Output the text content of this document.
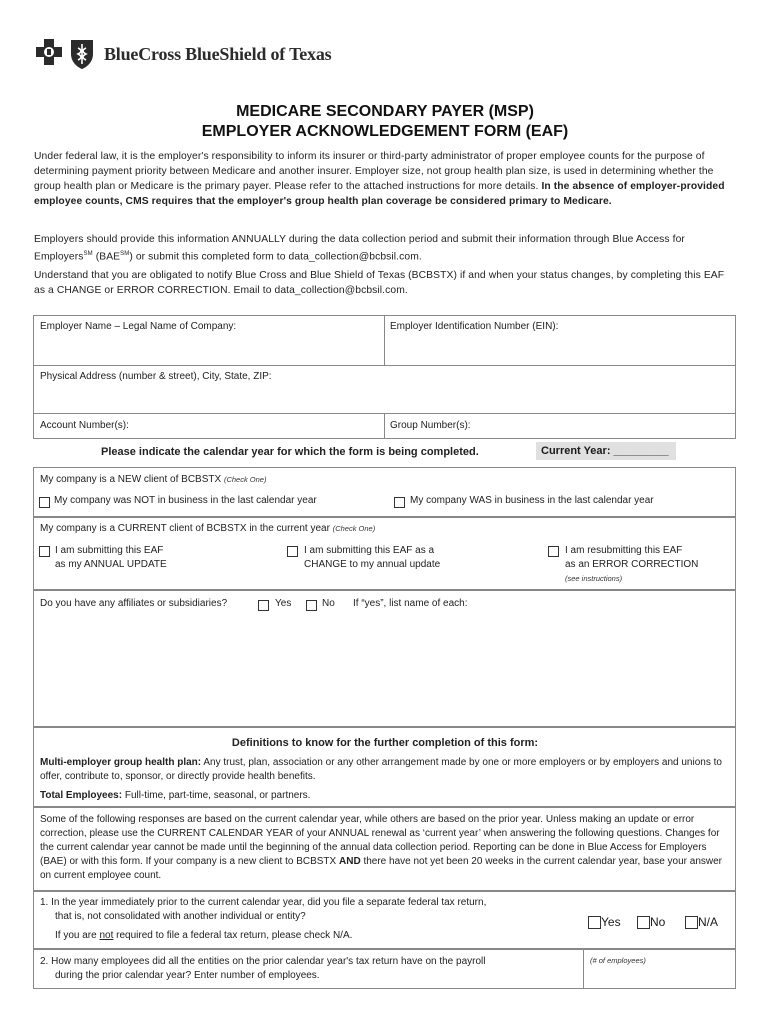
BlueCross BlueShield of Texas
MEDICARE SECONDARY PAYER (MSP)
EMPLOYER ACKNOWLEDGEMENT FORM (EAF)
Under federal law, it is the employer's responsibility to inform its insurer or third-party administrator of proper employee counts for the purpose of determining payment priority between Medicare and another insurer. Employer size, not group health plan size, is used in determining whether the group health plan or Medicare is the primary payer. Please refer to the attached instructions for more details. In the absence of employer-provided employee counts, CMS requires that the employer's group health plan coverage be considered primary to Medicare.
Employers should provide this information ANNUALLY during the data collection period and submit their information through Blue Access for Employers℠ (BAE℠) or submit this completed form to data_collection@bcbsil.com.
Understand that you are obligated to notify Blue Cross and Blue Shield of Texas (BCBSTX) if and when your status changes, by completing this EAF as a CHANGE or ERROR CORRECTION. Email to data_collection@bcbsil.com.
Employer Name – Legal Name of Company:	Employer Identification Number (EIN):
Physical Address (number & street), City, State, ZIP:
Account Number(s):	Group Number(s):
Please indicate the calendar year for which the form is being completed.	Current Year: _________
My company is a NEW client of BCBSTX (Check One)
My company was NOT in business in the last calendar year	My company WAS in business in the last calendar year
My company is a CURRENT client of BCBSTX in the current year (Check One)
I am submitting this EAF
as my ANNUAL UPDATE
I am submitting this EAF as a
CHANGE to my annual update
I am resubmitting this EAF
as an ERROR CORRECTION
(see instructions)
Do you have any affiliates or subsidiaries?	Yes	No If “yes”, list name of each:
Definitions to know for the further completion of this form:
Multi-employer group health plan: Any trust, plan, association or any other arrangement made by one or more employers or by employers and unions to offer, contribute to, sponsor, or directly provide health benefits.
Total Employees: Full-time, part-time, seasonal, or partners.
Some of the following responses are based on the current calendar year, while others are based on the prior year. Unless making an update or error correction, please use the CURRENT CALENDAR YEAR of your ANNUAL renewal as ‘current year’ when answering the following questions. Changes for the current calendar year cannot be made until the beginning of the annual data collection period. Reporting can be done in Blue Access for Employers (BAE) or with this form. If your company is a new client to BCBSTX AND there have not yet been 20 weeks in the current calendar year, base your answer on current employee count.
1. In the year immediately prior to the current calendar year, did you file a separate federal tax return,
that is, not consolidated with another individual or entity?
If you are not required to file a federal tax return, please check N/A.
Yes	No	N/A
2. How many employees did all the entities on the prior calendar year's tax return have on the payroll
during the prior calendar year? Enter number of employees.
(# of employees)
